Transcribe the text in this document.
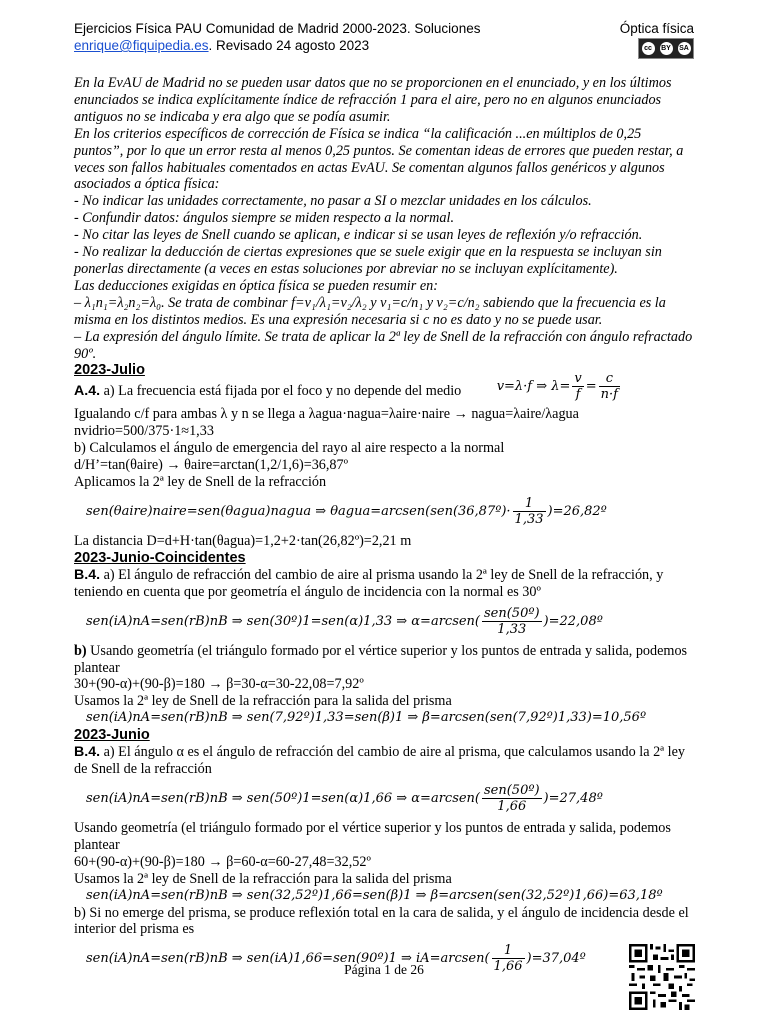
Ejercicios Física PAU Comunidad de Madrid 2000-2023. Soluciones
enrique@fiquipedia.es. Revisado 24 agosto 2023
Óptica física
cc	BY SA

En la EvAU de Madrid no se pueden usar datos que no se proporcionen en el enunciado, y en los últimos enunciados se indica explícitamente índice de refracción 1 para el aire, pero no en algunos enunciados antiguos no se indicaba y era algo que se podía asumir.

En los criterios específicos de corrección de Física se indica “la calificación ...en múltiplos de 0,25 puntos”, por lo que un error resta al menos 0,25 puntos. Se comentan ideas de errores que pueden restar, a veces son fallos habituales comentados en actas EvAU. Se comentan algunos fallos genéricos y algunos asociados a óptica física:

- No indicar las unidades correctamente, no pasar a SI o mezclar unidades en los cálculos.

- Confundir datos: ángulos siempre se miden respecto a la normal.

- No citar las leyes de Snell cuando se aplican, e indicar si se usan leyes de reflexión y/o refracción.

- No realizar la deducción de ciertas expresiones que se suele exigir que en la respuesta se incluyan sin ponerlas directamente (a veces en estas soluciones por abreviar no se incluyan explícitamente).

Las deducciones exigidas en óptica física se pueden resumir en:

– λ₁n₁=λ₂n₂=λ₀. Se trata de combinar f=v₁/λ₁=v₂/λ₂ y v₁=c/n₁ y v₂=c/n₂ sabiendo que la frecuencia es la misma en los distintos medios. Es una expresión necesaria si c no es dato y no se puede usar.

– La expresión del ángulo límite. Se trata de aplicar la 2ª ley de Snell de la refracción con ángulo refractado 90º.

2023-Julio

A.4. a) La frecuencia está fijada por el foco y no depende del medio	v=λ·f ⇒ $\lambda= \frac{v}{f} = \frac{c}{n\cdot f}$

Igualando c/f para ambas λ y n se llega a λagua·nagua=λaire·naire → nagua=λaire/λagua nvidrio=500/375·1≈1,33

b) Calculamos el ángulo de emergencia del rayo al aire respecto a la normal

d/H’=tan(θaire) → θaire=arctan(1,2/1,6)=36,87º

Aplicamos la 2ª ley de Snell de la refracción

sen(θaire)naire=sen(θagua)nagua ⇒ θagua=arcsen(sen(36,87º)· $\frac{1}{1,33}$ )=26,82º

La distancia D=d+H·tan(θagua)=1,2+2·tan(26,82º)=2,21 m

2023-Junio-Coincidentes

B.4. a) El ángulo de refracción del cambio de aire al prisma usando la 2ª ley de Snell de la refracción, y teniendo en cuenta que por geometría el ángulo de incidencia con la normal es 30º

sen(iA)nA=sen(rB)nB ⇒ sen(30º)1=sen(α)1,33 ⇒ α=arcsen( $\frac{\text{sen(50º)}}{1,33}$ )=22,08º

b) Usando geometría (el triángulo formado por el vértice superior y los puntos de entrada y salida, podemos plantear

30+(90-α)+(90-β)=180 → β=30-α=30-22,08=7,92º

Usamos la 2ª ley de Snell de la refracción para la salida del prisma

sen(iA)nA=sen(rB)nB ⇒ sen(7,92º)1,33=sen(β)1 ⇒ β=arcsen(sen(7,92º)1,33)=10,56º

2023-Junio

B.4. a) El ángulo α es el ángulo de refracción del cambio de aire al prisma, que calculamos usando la 2ª ley de Snell de la refracción

sen(iA)nA=sen(rB)nB ⇒ sen(50º)1=sen(α)1,66 ⇒ α=arcsen( $\frac{\text{sen(50º)}}{1,66}$ )=27,48º

Usando geometría (el triángulo formado por el vértice superior y los puntos de entrada y salida, podemos plantear

60+(90-α)+(90-β)=180 → β=60-α=60-27,48=32,52º

Usamos la 2ª ley de Snell de la refracción para la salida del prisma

sen(iA)nA=sen(rB)nB ⇒ sen(32,52º)1,66=sen(β)1 ⇒ β=arcsen(sen(32,52º)1,66)=63,18º

b) Si no emerge del prisma, se produce reflexión total en la cara de salida, y el ángulo de incidencia desde el interior del prisma es

sen(iA)nA=sen(rB)nB ⇒ sen(iA)1,66=sen(90º)1 ⇒ iA=arcsen( $\frac{1}{1,66}$ )=37,04º

Página 1 de 26
